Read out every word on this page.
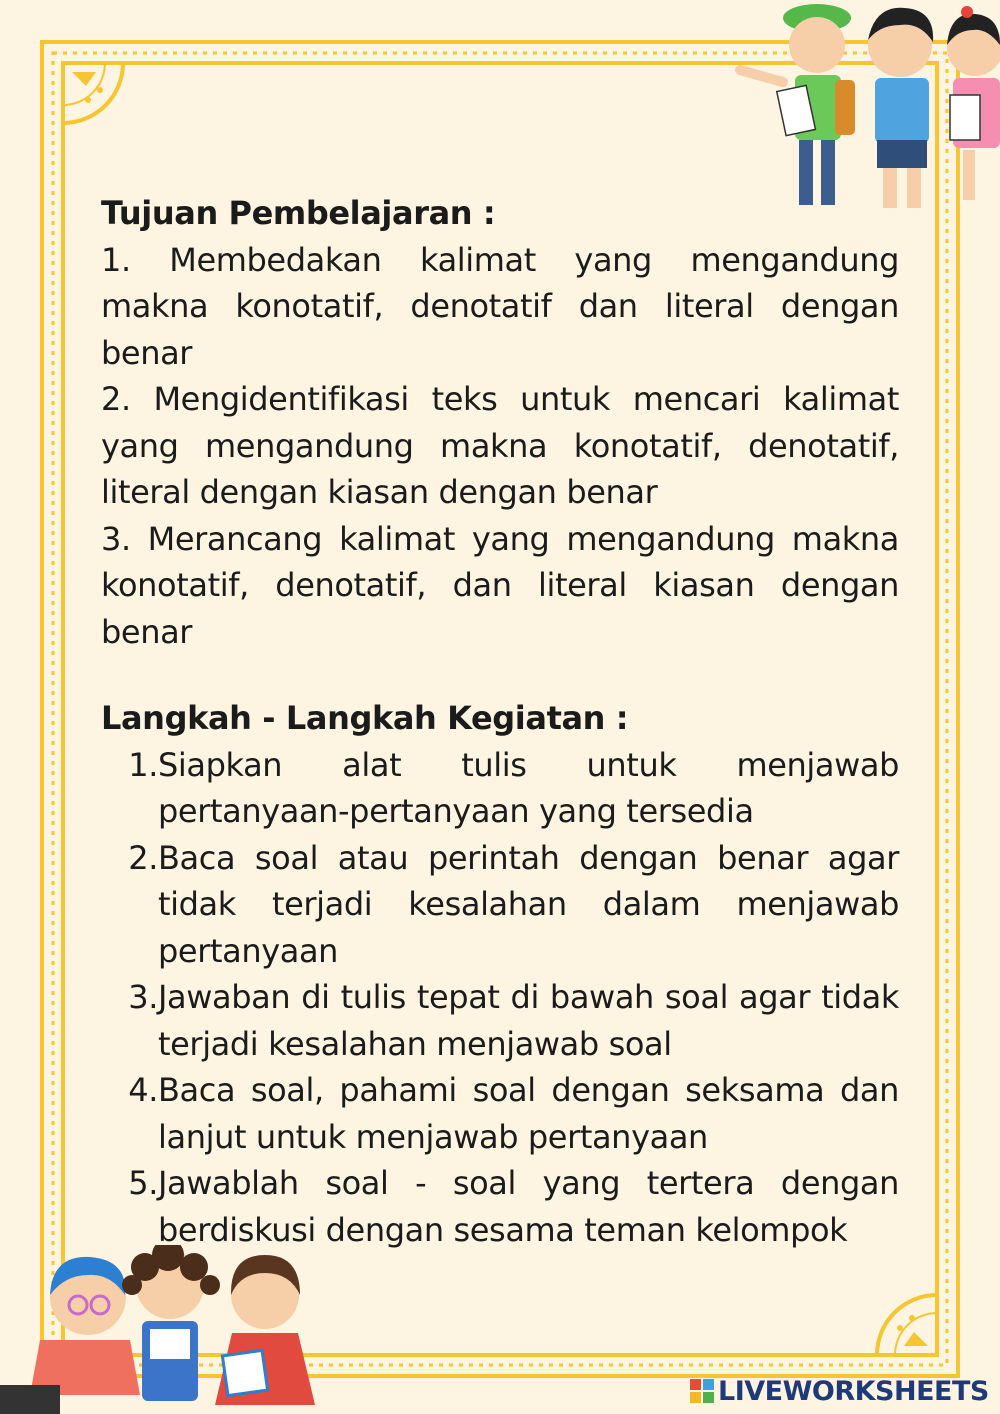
Tujuan Pembelajaran :

1. Membedakan kalimat yang mengandung makna konotatif, denotatif dan literal dengan benar

2. Mengidentifikasi teks untuk mencari kalimat yang mengandung makna konotatif, denotatif, literal dengan kiasan dengan benar

3. Merancang kalimat yang mengandung makna konotatif, denotatif, dan literal kiasan dengan benar

Langkah - Langkah Kegiatan :

1. Siapkan alat tulis untuk menjawab pertanyaan-pertanyaan yang tersedia
2. Baca soal atau perintah dengan benar agar tidak terjadi kesalahan dalam menjawab pertanyaan
3. Jawaban di tulis tepat di bawah soal agar tidak terjadi kesalahan menjawab soal
4. Baca soal, pahami soal dengan seksama dan lanjut untuk menjawab pertanyaan
5. Jawablah soal - soal yang tertera dengan berdiskusi dengan sesama teman kelompok
LIVEWORKSHEETS
